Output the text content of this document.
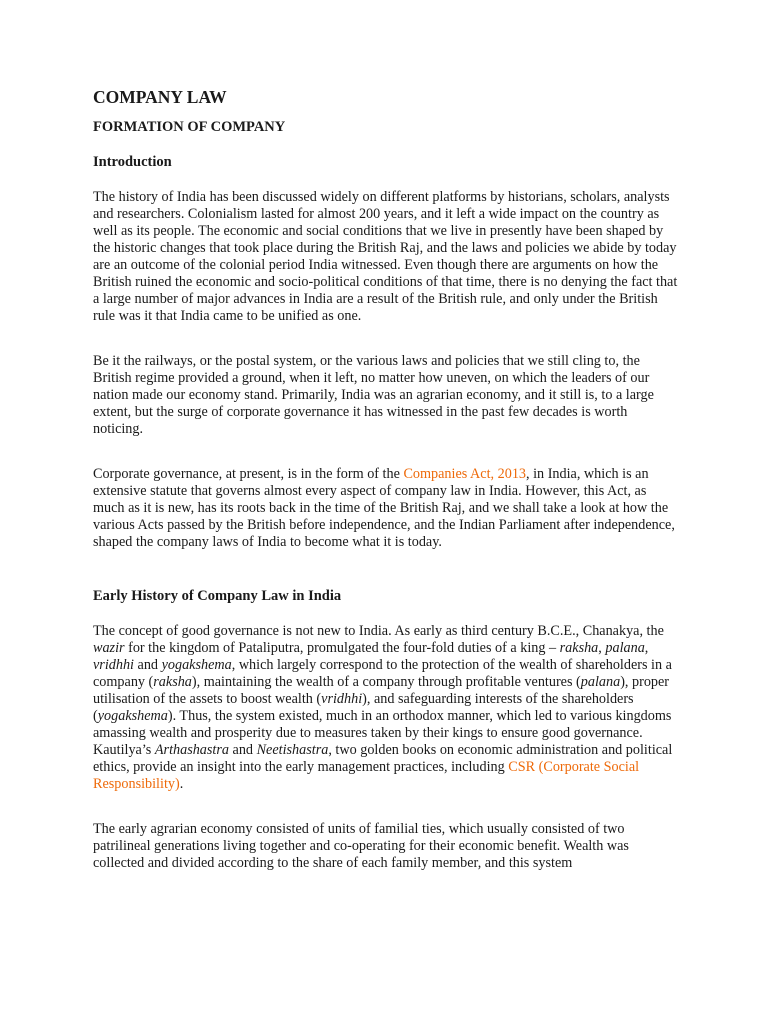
COMPANY LAW
FORMATION OF COMPANY
Introduction

The history of India has been discussed widely on different platforms by historians, scholars, analysts and researchers. Colonialism lasted for almost 200 years, and it left a wide impact on the country as well as its people. The economic and social conditions that we live in presently have been shaped by the historic changes that took place during the British Raj, and the laws and policies we abide by today are an outcome of the colonial period India witnessed. Even though there are arguments on how the British ruined the economic and socio-political conditions of that time, there is no denying the fact that a large number of major advances in India are a result of the British rule, and only under the British rule was it that India came to be unified as one.

Be it the railways, or the postal system, or the various laws and policies that we still cling to, the British regime provided a ground, when it left, no matter how uneven, on which the leaders of our nation made our economy stand. Primarily, India was an agrarian economy, and it still is, to a large extent, but the surge of corporate governance it has witnessed in the past few decades is worth noticing.

Corporate governance, at present, is in the form of the Companies Act, 2013, in India, which is an extensive statute that governs almost every aspect of company law in India. However, this Act, as much as it is new, has its roots back in the time of the British Raj, and we shall take a look at how the various Acts passed by the British before independence, and the Indian Parliament after independence, shaped the company laws of India to become what it is today.

Early History of Company Law in India

The concept of good governance is not new to India. As early as third century B.C.E., Chanakya, the wazir for the kingdom of Pataliputra, promulgated the four-fold duties of a king – raksha, palana, vridhhi and yogakshema, which largely correspond to the protection of the wealth of shareholders in a company (raksha), maintaining the wealth of a company through profitable ventures (palana), proper utilisation of the assets to boost wealth (vridhhi), and safeguarding interests of the shareholders (yogakshema). Thus, the system existed, much in an orthodox manner, which led to various kingdoms amassing wealth and prosperity due to measures taken by their kings to ensure good governance.

Kautilya’s Arthashastra and Neetishastra, two golden books on economic administration and political ethics, provide an insight into the early management practices, including CSR (Corporate Social Responsibility).

The early agrarian economy consisted of units of familial ties, which usually consisted of two patrilineal generations living together and co-operating for their economic benefit. Wealth was collected and divided according to the share of each family member, and this system
